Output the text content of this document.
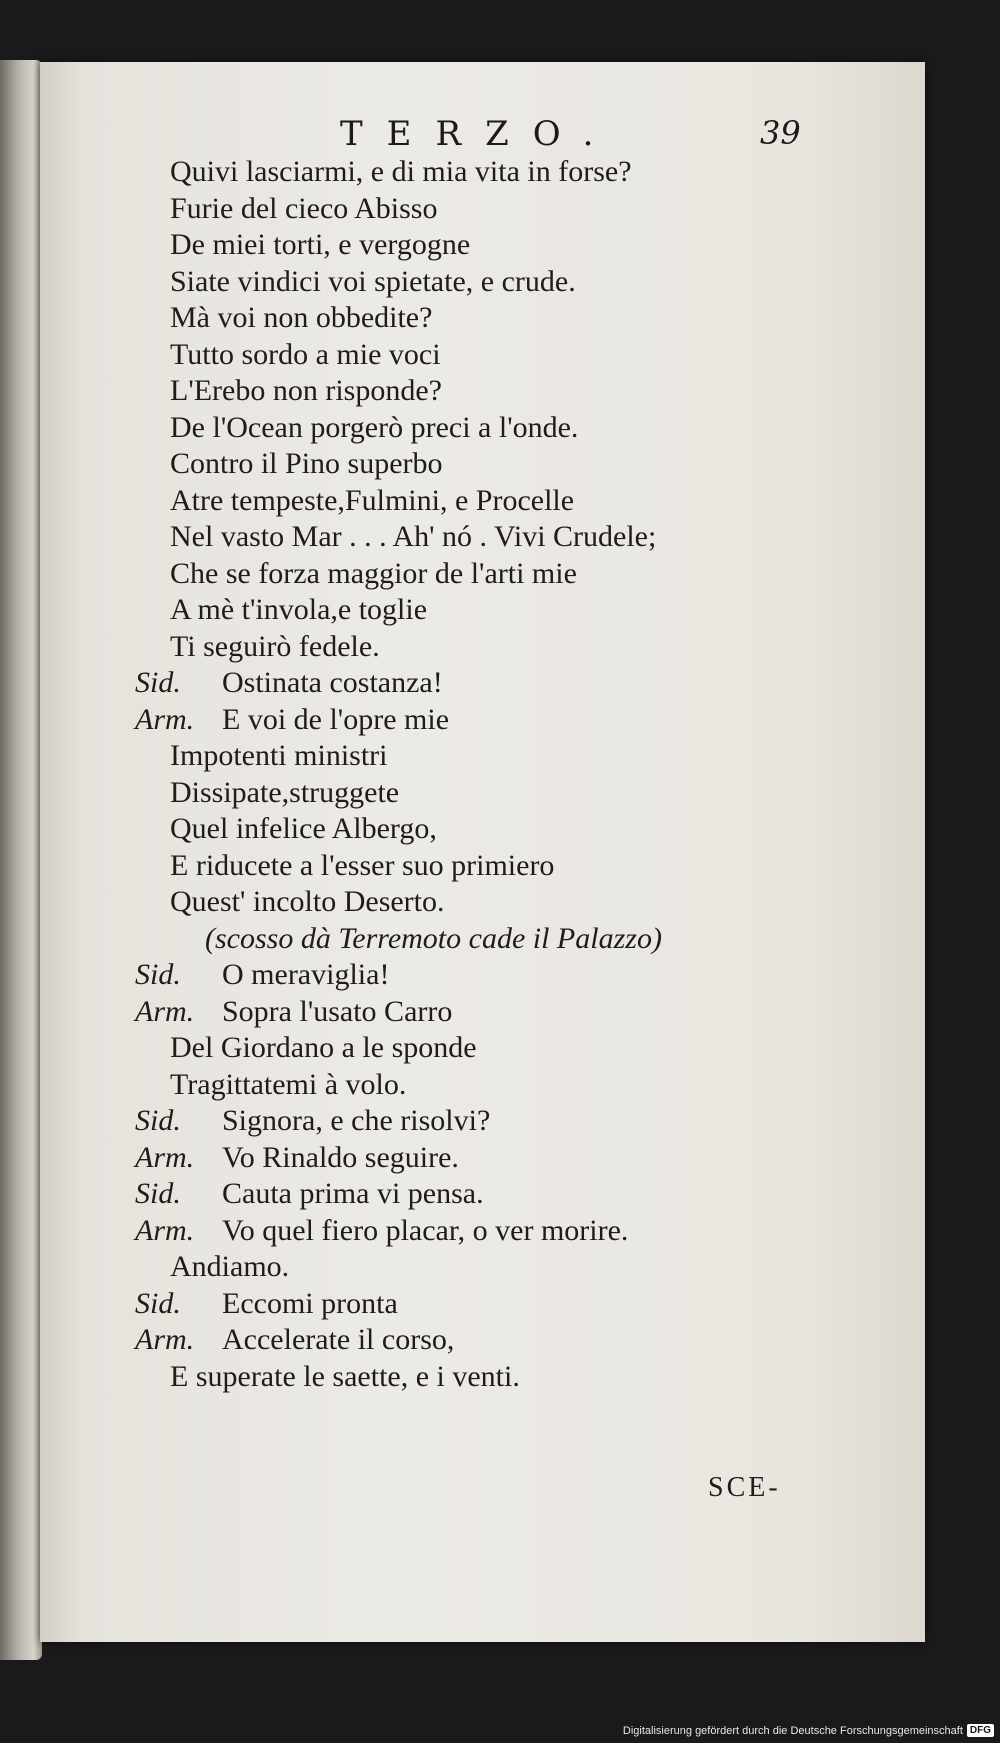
TERZO.	39
Quivi lasciarmi, e di mia vita in forse?
Furie del cieco Abisso
De miei torti, e vergogne
Siate vindici voi spietate, e crude.
Mà voi non obbedite?
Tutto sordo a mie voci
L'Erebo non risponde?
De l'Ocean porgerò preci a l'onde.
Contro il Pino superbo
Atre tempeste,Fulmini, e Procelle
Nel vasto Mar . . . Ah' nó . Vivi Crudele;
Che se forza maggior de l'arti mie
A mè t'invola,e toglie
Ti seguirò fedele.
Sid. Ostinata costanza!
Arm. E voi de l'opre mie
Impotenti ministri
Dissipate,struggete
Quel infelice Albergo,
E riducete a l'esser suo primiero
Quest' incolto Deserto.
(scosso dà Terremoto cade il Palazzo)
Sid. O meraviglia!
Arm. Sopra l'usato Carro
Del Giordano a le sponde
Tragittatemi à volo.
Sid. Signora, e che risolvi?
Arm. Vo Rinaldo seguire.
Sid. Cauta prima vi pensa.
Arm. Vo quel fiero placar, o ver morire.
Andiamo.
Sid. Eccomi pronta
Arm. Accelerate il corso,
E superate le saette, e i venti.
SCE-
Digitalisierung gefördert durch die Deutsche Forschungsgemeinschaft DFG
